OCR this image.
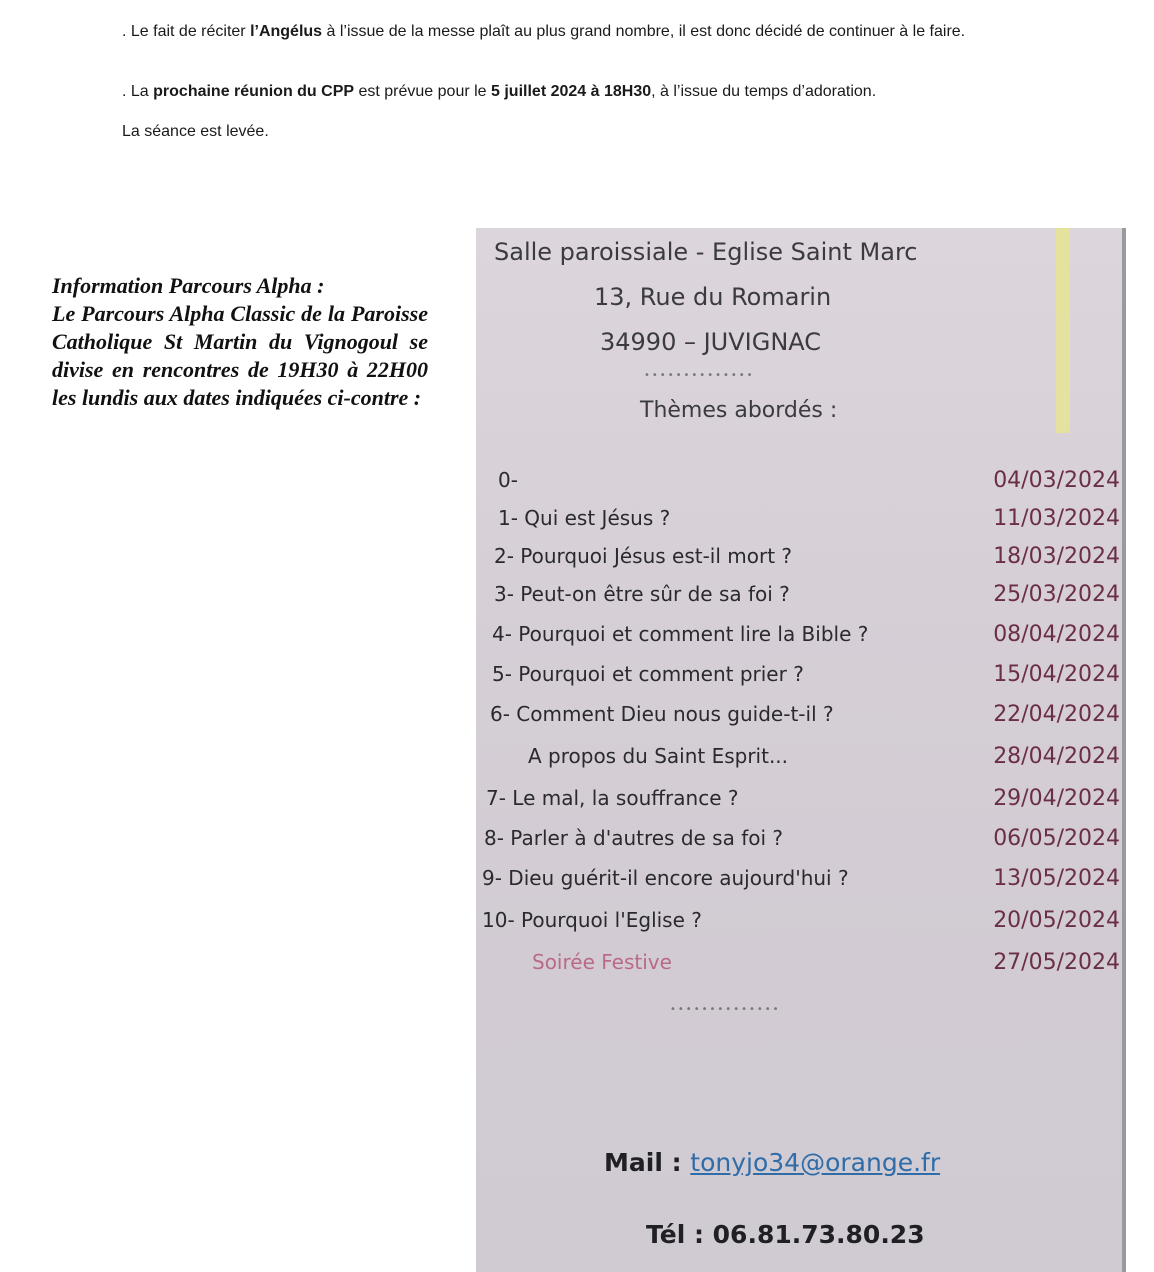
. Le fait de réciter l’Angélus à l’issue de la messe plaît au plus grand nombre, il est donc décidé de continuer à le faire.
. La prochaine réunion du CPP est prévue pour le 5 juillet 2024 à 18H30, à l’issue du temps d’adoration.
La séance est levée.
Information Parcours Alpha :
Le Parcours Alpha Classic de la Paroisse Catholique St Martin du Vignogoul se divise en rencontres de 19H30 à 22H00 les lundis aux dates indiquées ci-contre :
Salle paroissiale - Eglise Saint Marc
13, Rue du Romarin
34990 – JUVIGNAC
••••••••••••••
Thèmes abordés :
0-	04/03/2024
1- Qui est Jésus ?	11/03/2024
2- Pourquoi Jésus est-il mort ?	18/03/2024
3- Peut-on être sûr de sa foi ?	25/03/2024
4- Pourquoi et comment lire la Bible ?	08/04/2024
5- Pourquoi et comment prier ?	15/04/2024
6- Comment Dieu nous guide-t-il ?	22/04/2024
A propos du Saint Esprit...	28/04/2024
7- Le mal, la souffrance ?	29/04/2024
8- Parler à d'autres de sa foi ?	06/05/2024
9- Dieu guérit-il encore aujourd'hui ?	13/05/2024
10- Pourquoi l'Eglise ?	20/05/2024
Soirée Festive	27/05/2024
••••••••••••••
Mail : tonyjo34@orange.fr
Tél : 06.81.73.80.23
